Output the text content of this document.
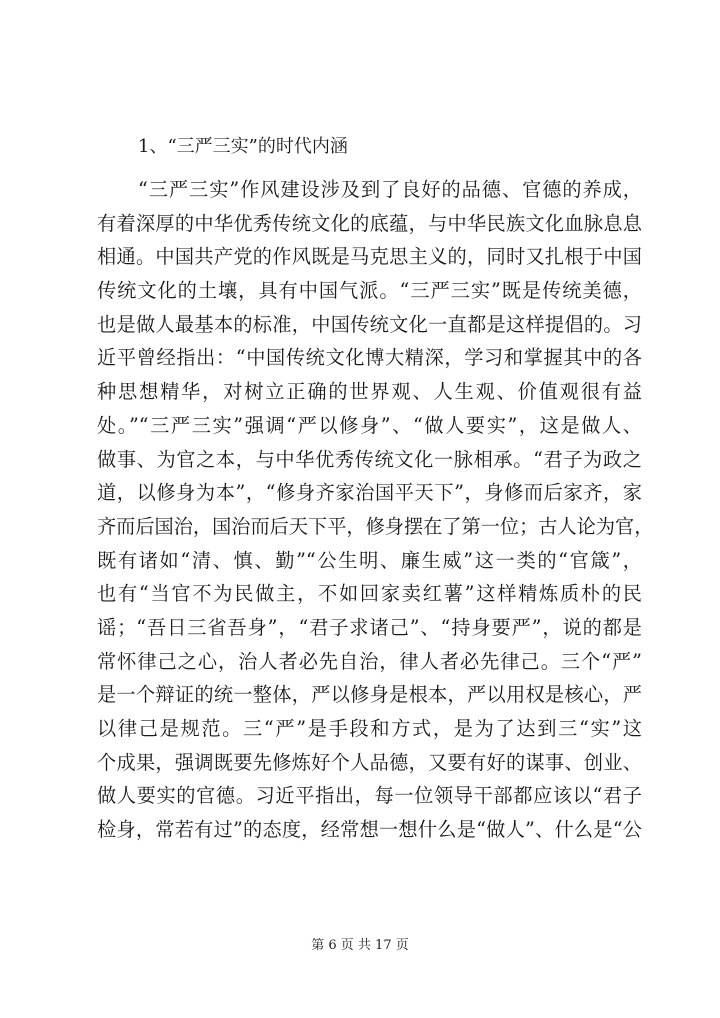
1、“三严三实”的时代内涵
“三严三实”作风建设涉及到了良好的品德、官德的养成，
有着深厚的中华优秀传统文化的底蕴，与中华民族文化血脉息息
相通。中国共产党的作风既是马克思主义的，同时又扎根于中国
传统文化的土壤，具有中国气派。“三严三实”既是传统美德，
也是做人最基本的标准，中国传统文化一直都是这样提倡的。习
近平曾经指出：“中国传统文化博大精深，学习和掌握其中的各
种思想精华，对树立正确的世界观、人生观、价值观很有益
处。”“三严三实”强调“严以修身”、“做人要实”，这是做人、
做事、为官之本，与中华优秀传统文化一脉相承。“君子为政之
道，以修身为本”，“修身齐家治国平天下”，身修而后家齐，家
齐而后国治，国治而后天下平，修身摆在了第一位；古人论为官，
既有诸如“清、慎、勤”“公生明、廉生威”这一类的“官箴”，
也有“当官不为民做主，不如回家卖红薯”这样精炼质朴的民
谣；“吾日三省吾身”，“君子求诸己”、“持身要严”，说的都是
常怀律己之心，治人者必先自治，律人者必先律己。三个“严”
是一个辩证的统一整体，严以修身是根本，严以用权是核心，严
以律己是规范。三“严”是手段和方式，是为了达到三“实”这
个成果，强调既要先修炼好个人品德，又要有好的谋事、创业、
做人要实的官德。习近平指出，每一位领导干部都应该以“君子
检身，常若有过”的态度，经常想一想什么是“做人”、什么是“公
第 6 页 共 17 页
